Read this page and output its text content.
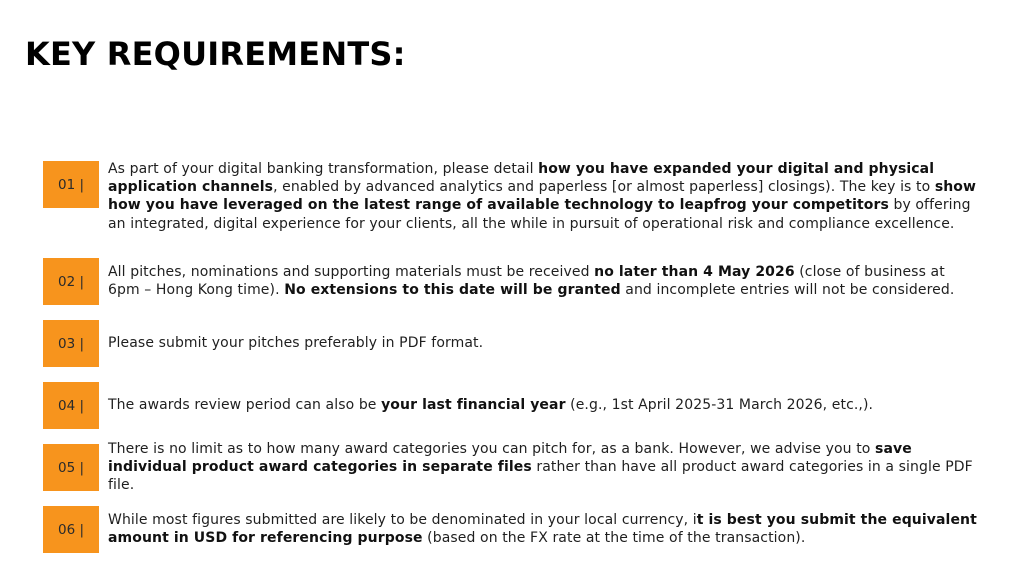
KEY REQUIREMENTS:
01 |

As part of your digital banking transformation, please detail how you have expanded your digital and physical application channels, enabled by advanced analytics and paperless [or almost paperless] closings). The key is to show how you have leveraged on the latest range of available technology to leapfrog your competitors by offering an integrated, digital experience for your clients, all the while in pursuit of operational risk and compliance excellence.

02 |

All pitches, nominations and supporting materials must be received no later than 4 May 2026 (close of business at 6pm – Hong Kong time). No extensions to this date will be granted and incomplete entries will not be considered.

03 |	Please submit your pitches preferably in PDF format.

04 |	The awards review period can also be your last financial year (e.g., 1st April 2025-31 March 2026, etc.,).

05 |

There is no limit as to how many award categories you can pitch for, as a bank. However, we advise you to save individual product award categories in separate files rather than have all product award categories in a single PDF file.

06 |

While most figures submitted are likely to be denominated in your local currency, it is best you submit the equivalent amount in USD for referencing purpose (based on the FX rate at the time of the transaction).
